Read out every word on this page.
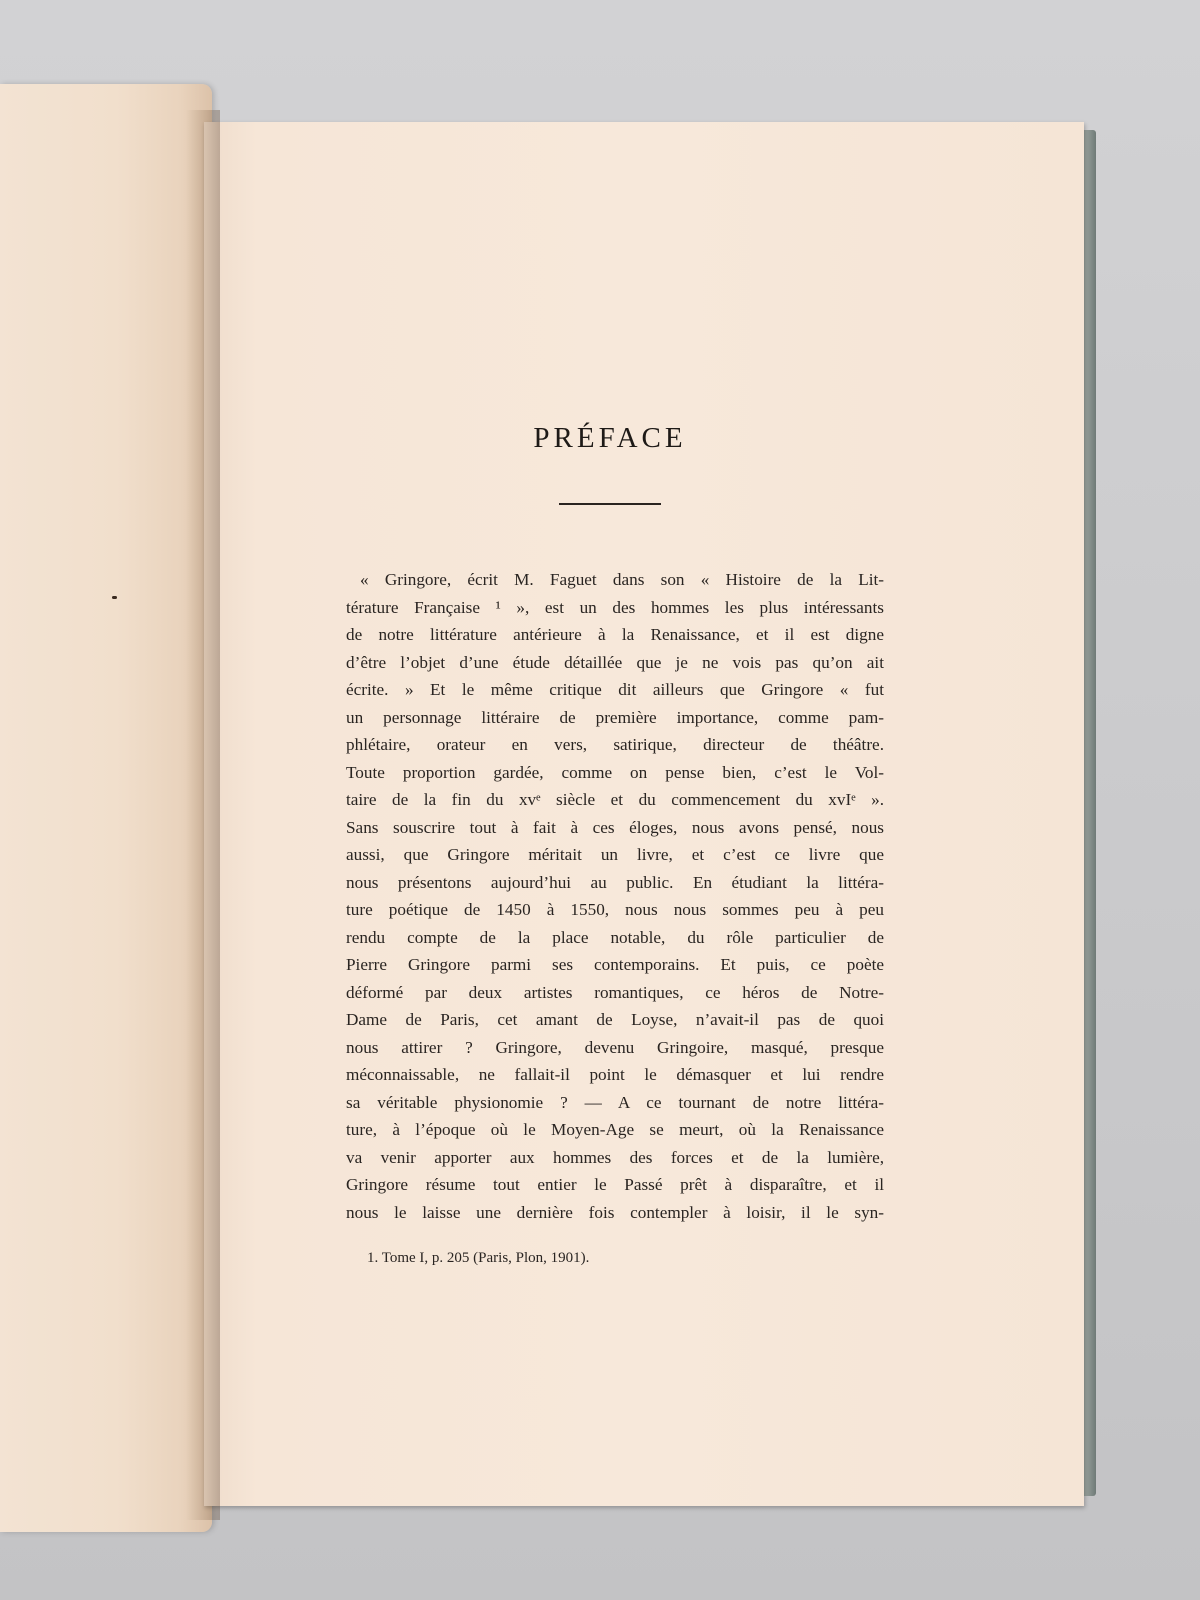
PRÉFACE
« Gringore, écrit M. Faguet dans son « Histoire de la Lit-
térature Française ¹ », est un des hommes les plus intéressants
de notre littérature antérieure à la Renaissance, et il est digne
d’être l’objet d’une étude détaillée que je ne vois pas qu’on ait
écrite. » Et le même critique dit ailleurs que Gringore « fut
un personnage littéraire de première importance, comme pam-
phlétaire, orateur en vers, satirique, directeur de théâtre.
Toute proportion gardée, comme on pense bien, c’est le Vol-
taire de la fin du xvᵉ siècle et du commencement du xvIᵉ ».
Sans souscrire tout à fait à ces éloges, nous avons pensé, nous
aussi, que Gringore méritait un livre, et c’est ce livre que
nous présentons aujourd’hui au public. En étudiant la littéra-
ture poétique de 1450 à 1550, nous nous sommes peu à peu
rendu compte de la place notable, du rôle particulier de
Pierre Gringore parmi ses contemporains. Et puis, ce poète
déformé par deux artistes romantiques, ce héros de Notre-
Dame de Paris, cet amant de Loyse, n’avait-il pas de quoi
nous attirer ? Gringore, devenu Gringoire, masqué, presque
méconnaissable, ne fallait-il point le démasquer et lui rendre
sa véritable physionomie ? — A ce tournant de notre littéra-
ture, à l’époque où le Moyen-Age se meurt, où la Renaissance
va venir apporter aux hommes des forces et de la lumière,
Gringore résume tout entier le Passé prêt à disparaître, et il
nous le laisse une dernière fois contempler à loisir, il le syn-
1. Tome I, p. 205 (Paris, Plon, 1901).
